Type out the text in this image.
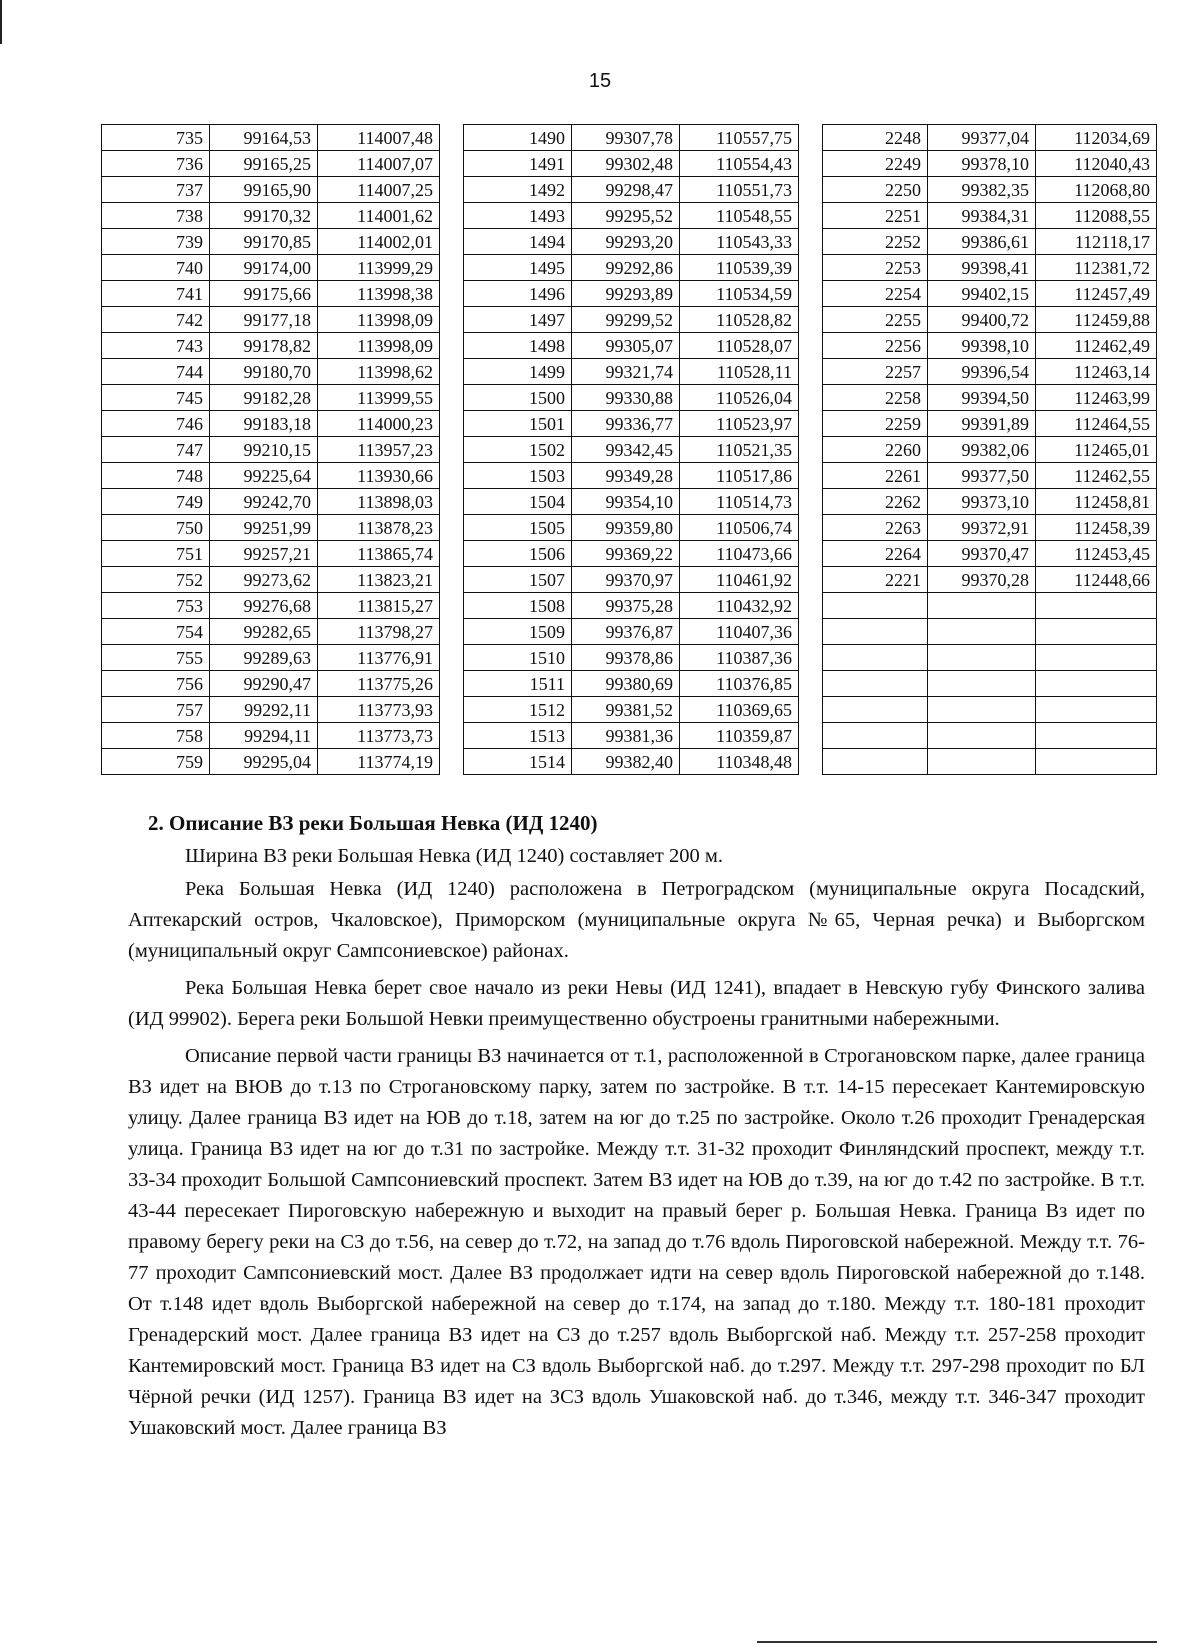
15
735	99164,53	114007,48
736	99165,25	114007,07
737	99165,90	114007,25
738	99170,32	114001,62
739	99170,85	114002,01
740	99174,00	113999,29
741	99175,66	113998,38
742	99177,18	113998,09
743	99178,82	113998,09
744	99180,70	113998,62
745	99182,28	113999,55
746	99183,18	114000,23
747	99210,15	113957,23
748	99225,64	113930,66
749	99242,70	113898,03
750	99251,99	113878,23
751	99257,21	113865,74
752	99273,62	113823,21
753	99276,68	113815,27
754	99282,65	113798,27
755	99289,63	113776,91
756	99290,47	113775,26
757	99292,11	113773,93
758	99294,11	113773,73
759	99295,04	113774,19
1490	99307,78	110557,75
1491	99302,48	110554,43
1492	99298,47	110551,73
1493	99295,52	110548,55
1494	99293,20	110543,33
1495	99292,86	110539,39
1496	99293,89	110534,59
1497	99299,52	110528,82
1498	99305,07	110528,07
1499	99321,74	110528,11
1500	99330,88	110526,04
1501	99336,77	110523,97
1502	99342,45	110521,35
1503	99349,28	110517,86
1504	99354,10	110514,73
1505	99359,80	110506,74
1506	99369,22	110473,66
1507	99370,97	110461,92
1508	99375,28	110432,92
1509	99376,87	110407,36
1510	99378,86	110387,36
1511	99380,69	110376,85
1512	99381,52	110369,65
1513	99381,36	110359,87
1514	99382,40	110348,48
2248	99377,04	112034,69
2249	99378,10	112040,43
2250	99382,35	112068,80
2251	99384,31	112088,55
2252	99386,61	112118,17
2253	99398,41	112381,72
2254	99402,15	112457,49
2255	99400,72	112459,88
2256	99398,10	112462,49
2257	99396,54	112463,14
2258	99394,50	112463,99
2259	99391,89	112464,55
2260	99382,06	112465,01
2261	99377,50	112462,55
2262	99373,10	112458,81
2263	99372,91	112458,39
2264	99370,47	112453,45
2221	99370,28	112448,66

2. Описание ВЗ реки Большая Невка (ИД 1240)

Ширина ВЗ реки Большая Невка (ИД 1240) составляет 200 м.

Река Большая Невка (ИД 1240) расположена в Петроградском (муниципальные округа Посадский, Аптекарский остров, Чкаловское), Приморском (муниципальные округа №65, Черная речка) и Выборгском (муниципальный округ Сампсониевское) районах.

Река Большая Невка берет свое начало из реки Невы (ИД 1241), впадает в Невскую губу Финского залива (ИД 99902). Берега реки Большой Невки преимущественно обустроены гранитными набережными.

Описание первой части границы ВЗ начинается от т.1, расположенной в Строгановском парке, далее граница ВЗ идет на ВЮВ до т.13 по Строгановскому парку, затем по застройке. В т.т. 14-15 пересекает Кантемировскую улицу. Далее граница ВЗ идет на ЮВ до т.18, затем на юг до т.25 по застройке. Около т.26 проходит Гренадерская улица. Граница ВЗ идет на юг до т.31 по застройке. Между т.т. 31-32 проходит Финляндский проспект, между т.т. 33-34 проходит Большой Сампсониевский проспект. Затем ВЗ идет на ЮВ до т.39, на юг до т.42 по застройке. В т.т. 43-44 пересекает Пироговскую набережную и выходит на правый берег р. Большая Невка. Граница Вз идет по правому берегу реки на СЗ до т.56, на север до т.72, на запад до т.76 вдоль Пироговской набережной. Между т.т. 76-77 проходит Сампсониевский мост. Далее ВЗ продолжает идти на север вдоль Пироговской набережной до т.148. От т.148 идет вдоль Выборгской набережной на север до т.174, на запад до т.180. Между т.т. 180-181 проходит Гренадерский мост. Далее граница ВЗ идет на СЗ до т.257 вдоль Выборгской наб. Между т.т. 257-258 проходит Кантемировский мост. Граница ВЗ идет на СЗ вдоль Выборгской наб. до т.297. Между т.т. 297-298 проходит по БЛ Чёрной речки (ИД 1257). Граница ВЗ идет на ЗСЗ вдоль Ушаковской наб. до т.346, между т.т. 346-347 проходит Ушаковский мост. Далее граница ВЗ
